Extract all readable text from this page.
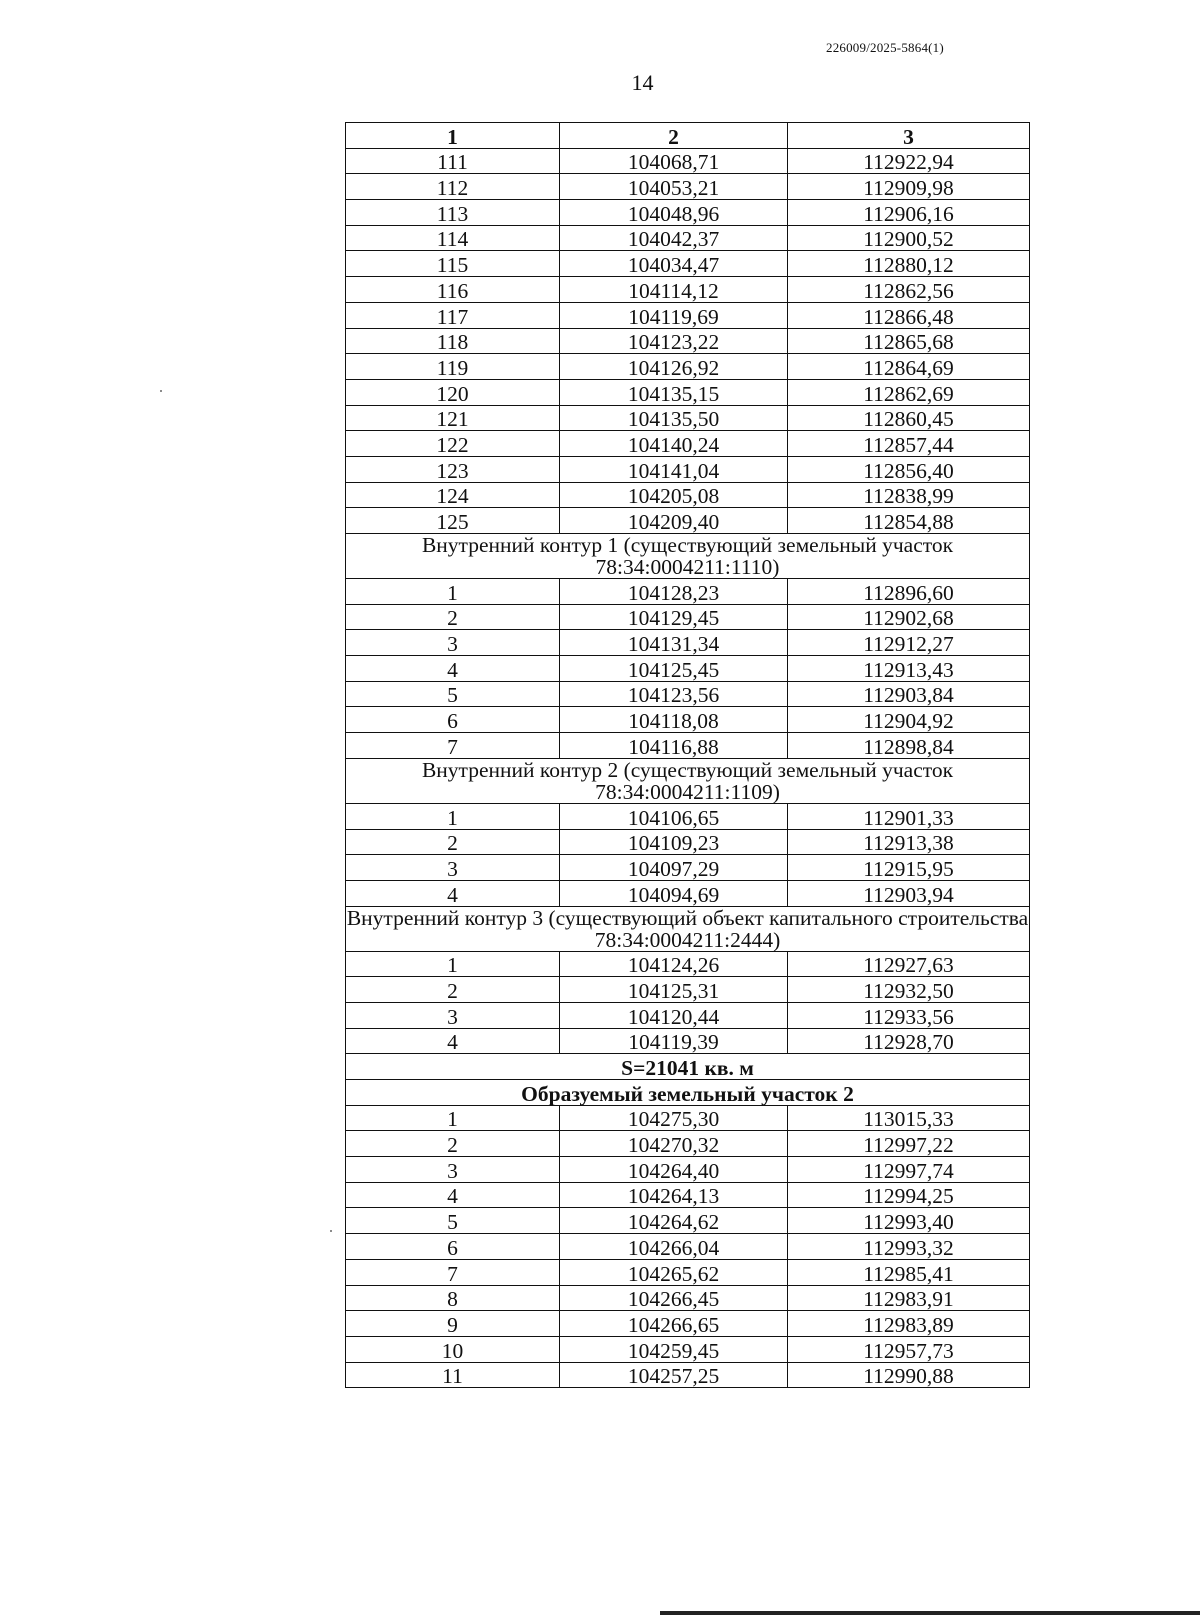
226009/2025-5864(1)
14
1	2	3
111	104068,71	112922,94
112	104053,21	112909,98
113	104048,96	112906,16
114	104042,37	112900,52
115	104034,47	112880,12
116	104114,12	112862,56
117	104119,69	112866,48
118	104123,22	112865,68
119	104126,92	112864,69
120	104135,15	112862,69
121	104135,50	112860,45
122	104140,24	112857,44
123	104141,04	112856,40
124	104205,08	112838,99
125	104209,40	112854,88
Внутренний контур 1 (существующий земельный участок 78:34:0004211:1110)		
1	104128,23	112896,60
2	104129,45	112902,68
3	104131,34	112912,27
4	104125,45	112913,43
5	104123,56	112903,84
6	104118,08	112904,92
7	104116,88	112898,84
Внутренний контур 2 (существующий земельный участок 78:34:0004211:1109)		
1	104106,65	112901,33
2	104109,23	112913,38
3	104097,29	112915,95
4	104094,69	112903,94
Внутренний контур 3 (существующий объект капитального строительства 78:34:0004211:2444)		
1	104124,26	112927,63
2	104125,31	112932,50
3	104120,44	112933,56
4	104119,39	112928,70
S=21041 кв. м		
Образуемый земельный участок 2		
1	104275,30	113015,33
2	104270,32	112997,22
3	104264,40	112997,74
4	104264,13	112994,25
5	104264,62	112993,40
6	104266,04	112993,32
7	104265,62	112985,41
8	104266,45	112983,91
9	104266,65	112983,89
10	104259,45	112957,73
11	104257,25	112990,88
